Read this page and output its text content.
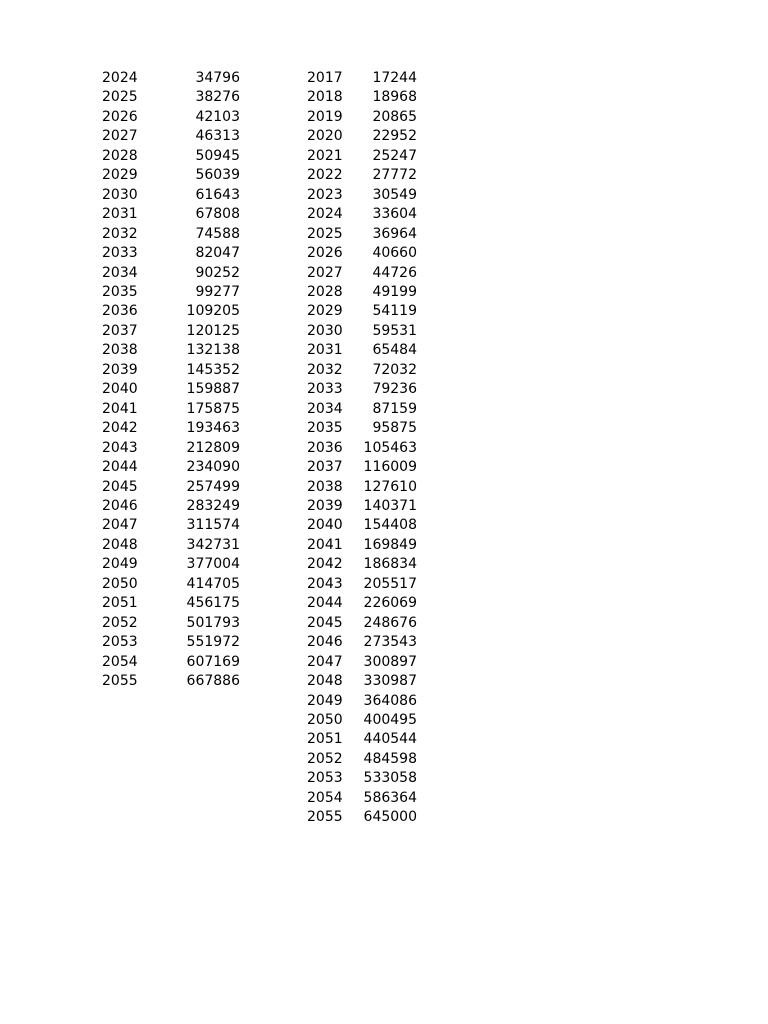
2024	34796
2025	38276
2026	42103
2027	46313
2028	50945
2029	56039
2030	61643
2031	67808
2032	74588
2033	82047
2034	90252
2035	99277
2036	109205
2037	120125
2038	132138
2039	145352
2040	159887
2041	175875
2042	193463
2043	212809
2044	234090
2045	257499
2046	283249
2047	311574
2048	342731
2049	377004
2050	414705
2051	456175
2052	501793
2053	551972
2054	607169
2055	667886
2017	17244
2018	18968
2019	20865
2020	22952
2021	25247
2022	27772
2023	30549
2024	33604
2025	36964
2026	40660
2027	44726
2028	49199
2029	54119
2030	59531
2031	65484
2032	72032
2033	79236
2034	87159
2035	95875
2036	105463
2037	116009
2038	127610
2039	140371
2040	154408
2041	169849
2042	186834
2043	205517
2044	226069
2045	248676
2046	273543
2047	300897
2048	330987
2049	364086
2050	400495
2051	440544
2052	484598
2053	533058
2054	586364
2055	645000
